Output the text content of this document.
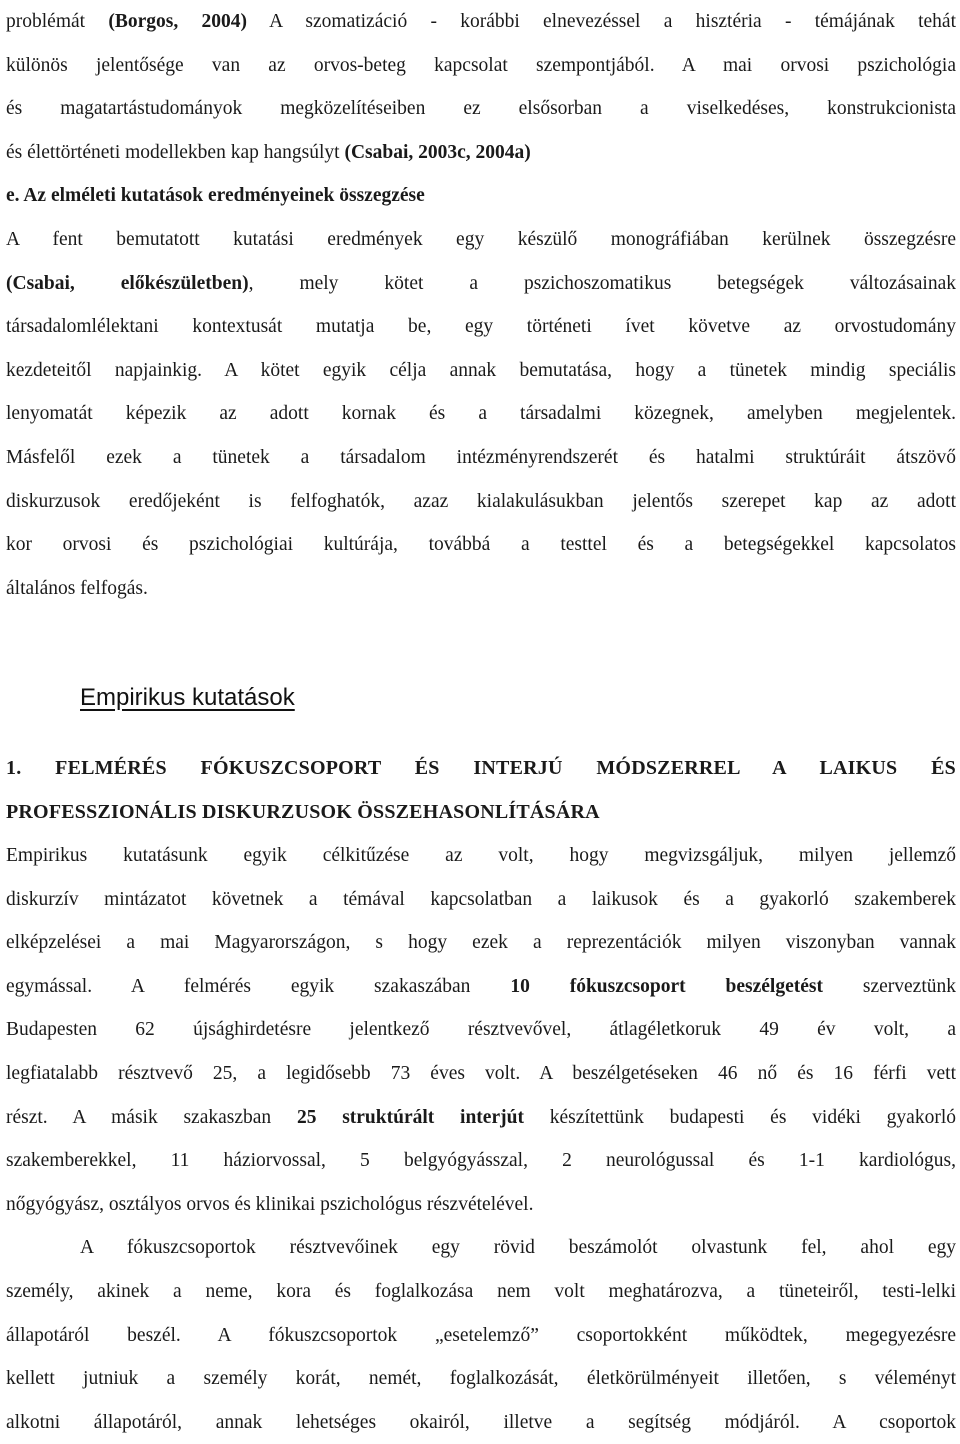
problémát (Borgos, 2004) A szomatizáció - korábbi elnevezéssel a hisztéria - témájának tehát
különös jelentősége van az orvos-beteg kapcsolat szempontjából. A mai orvosi pszichológia
és magatartástudományok megközelítéseiben ez elsősorban a viselkedéses, konstrukcionista
és élettörténeti modellekben kap hangsúlyt (Csabai, 2003c, 2004a)
e. Az elméleti kutatások eredményeinek összegzése
A fent bemutatott kutatási eredmények egy készülő monográfiában kerülnek összegzésre
(Csabai, előkészületben), mely kötet a pszichoszomatikus betegségek változásainak
társadalomlélektani kontextusát mutatja be, egy történeti ívet követve az orvostudomány
kezdeteitől napjainkig. A kötet egyik célja annak bemutatása, hogy a tünetek mindig speciális
lenyomatát képezik az adott kornak és a társadalmi közegnek, amelyben megjelentek.
Másfelől ezek a tünetek a társadalom intézményrendszerét és hatalmi struktúráit átszövő
diskurzusok eredőjeként is felfoghatók, azaz kialakulásukban jelentős szerepet kap az adott
kor orvosi és pszichológiai kultúrája, továbbá a testtel és a betegségekkel kapcsolatos
általános felfogás.
Empirikus kutatások
1. FELMÉRÉS FÓKUSZCSOPORT ÉS INTERJÚ MÓDSZERREL A LAIKUS ÉS
PROFESSZIONÁLIS DISKURZUSOK ÖSSZEHASONLÍTÁSÁRA
Empirikus kutatásunk egyik célkitűzése az volt, hogy megvizsgáljuk, milyen jellemző
diskurzív mintázatot követnek a témával kapcsolatban a laikusok és a gyakorló szakemberek
elképzelései a mai Magyarországon, s hogy ezek a reprezentációk milyen viszonyban vannak
egymással. A felmérés egyik szakaszában 10 fókuszcsoport beszélgetést szerveztünk
Budapesten 62 újsághirdetésre jelentkező résztvevővel, átlagéletkoruk 49 év volt, a
legfiatalabb résztvevő 25, a legidősebb 73 éves volt. A beszélgetéseken 46 nő és 16 férfi vett
részt. A másik szakaszban 25 struktúrált interjút készítettünk budapesti és vidéki gyakorló
szakemberekkel, 11 háziorvossal, 5 belgyógyásszal, 2 neurológussal és 1-1 kardiológus,
nőgyógyász, osztályos orvos és klinikai pszichológus részvételével.
A fókuszcsoportok résztvevőinek egy rövid beszámolót olvastunk fel, ahol egy
személy, akinek a neme, kora és foglalkozása nem volt meghatározva, a tüneteiről, testi-lelki
állapotáról beszél. A fókuszcsoportok „esetelemző” csoportokként működtek, megegyezésre
kellett jutniuk a személy korát, nemét, foglalkozását, életkörülményeit illetően, s véleményt
alkotni állapotáról, annak lehetséges okairól, illetve a segítség módjáról. A csoportok
